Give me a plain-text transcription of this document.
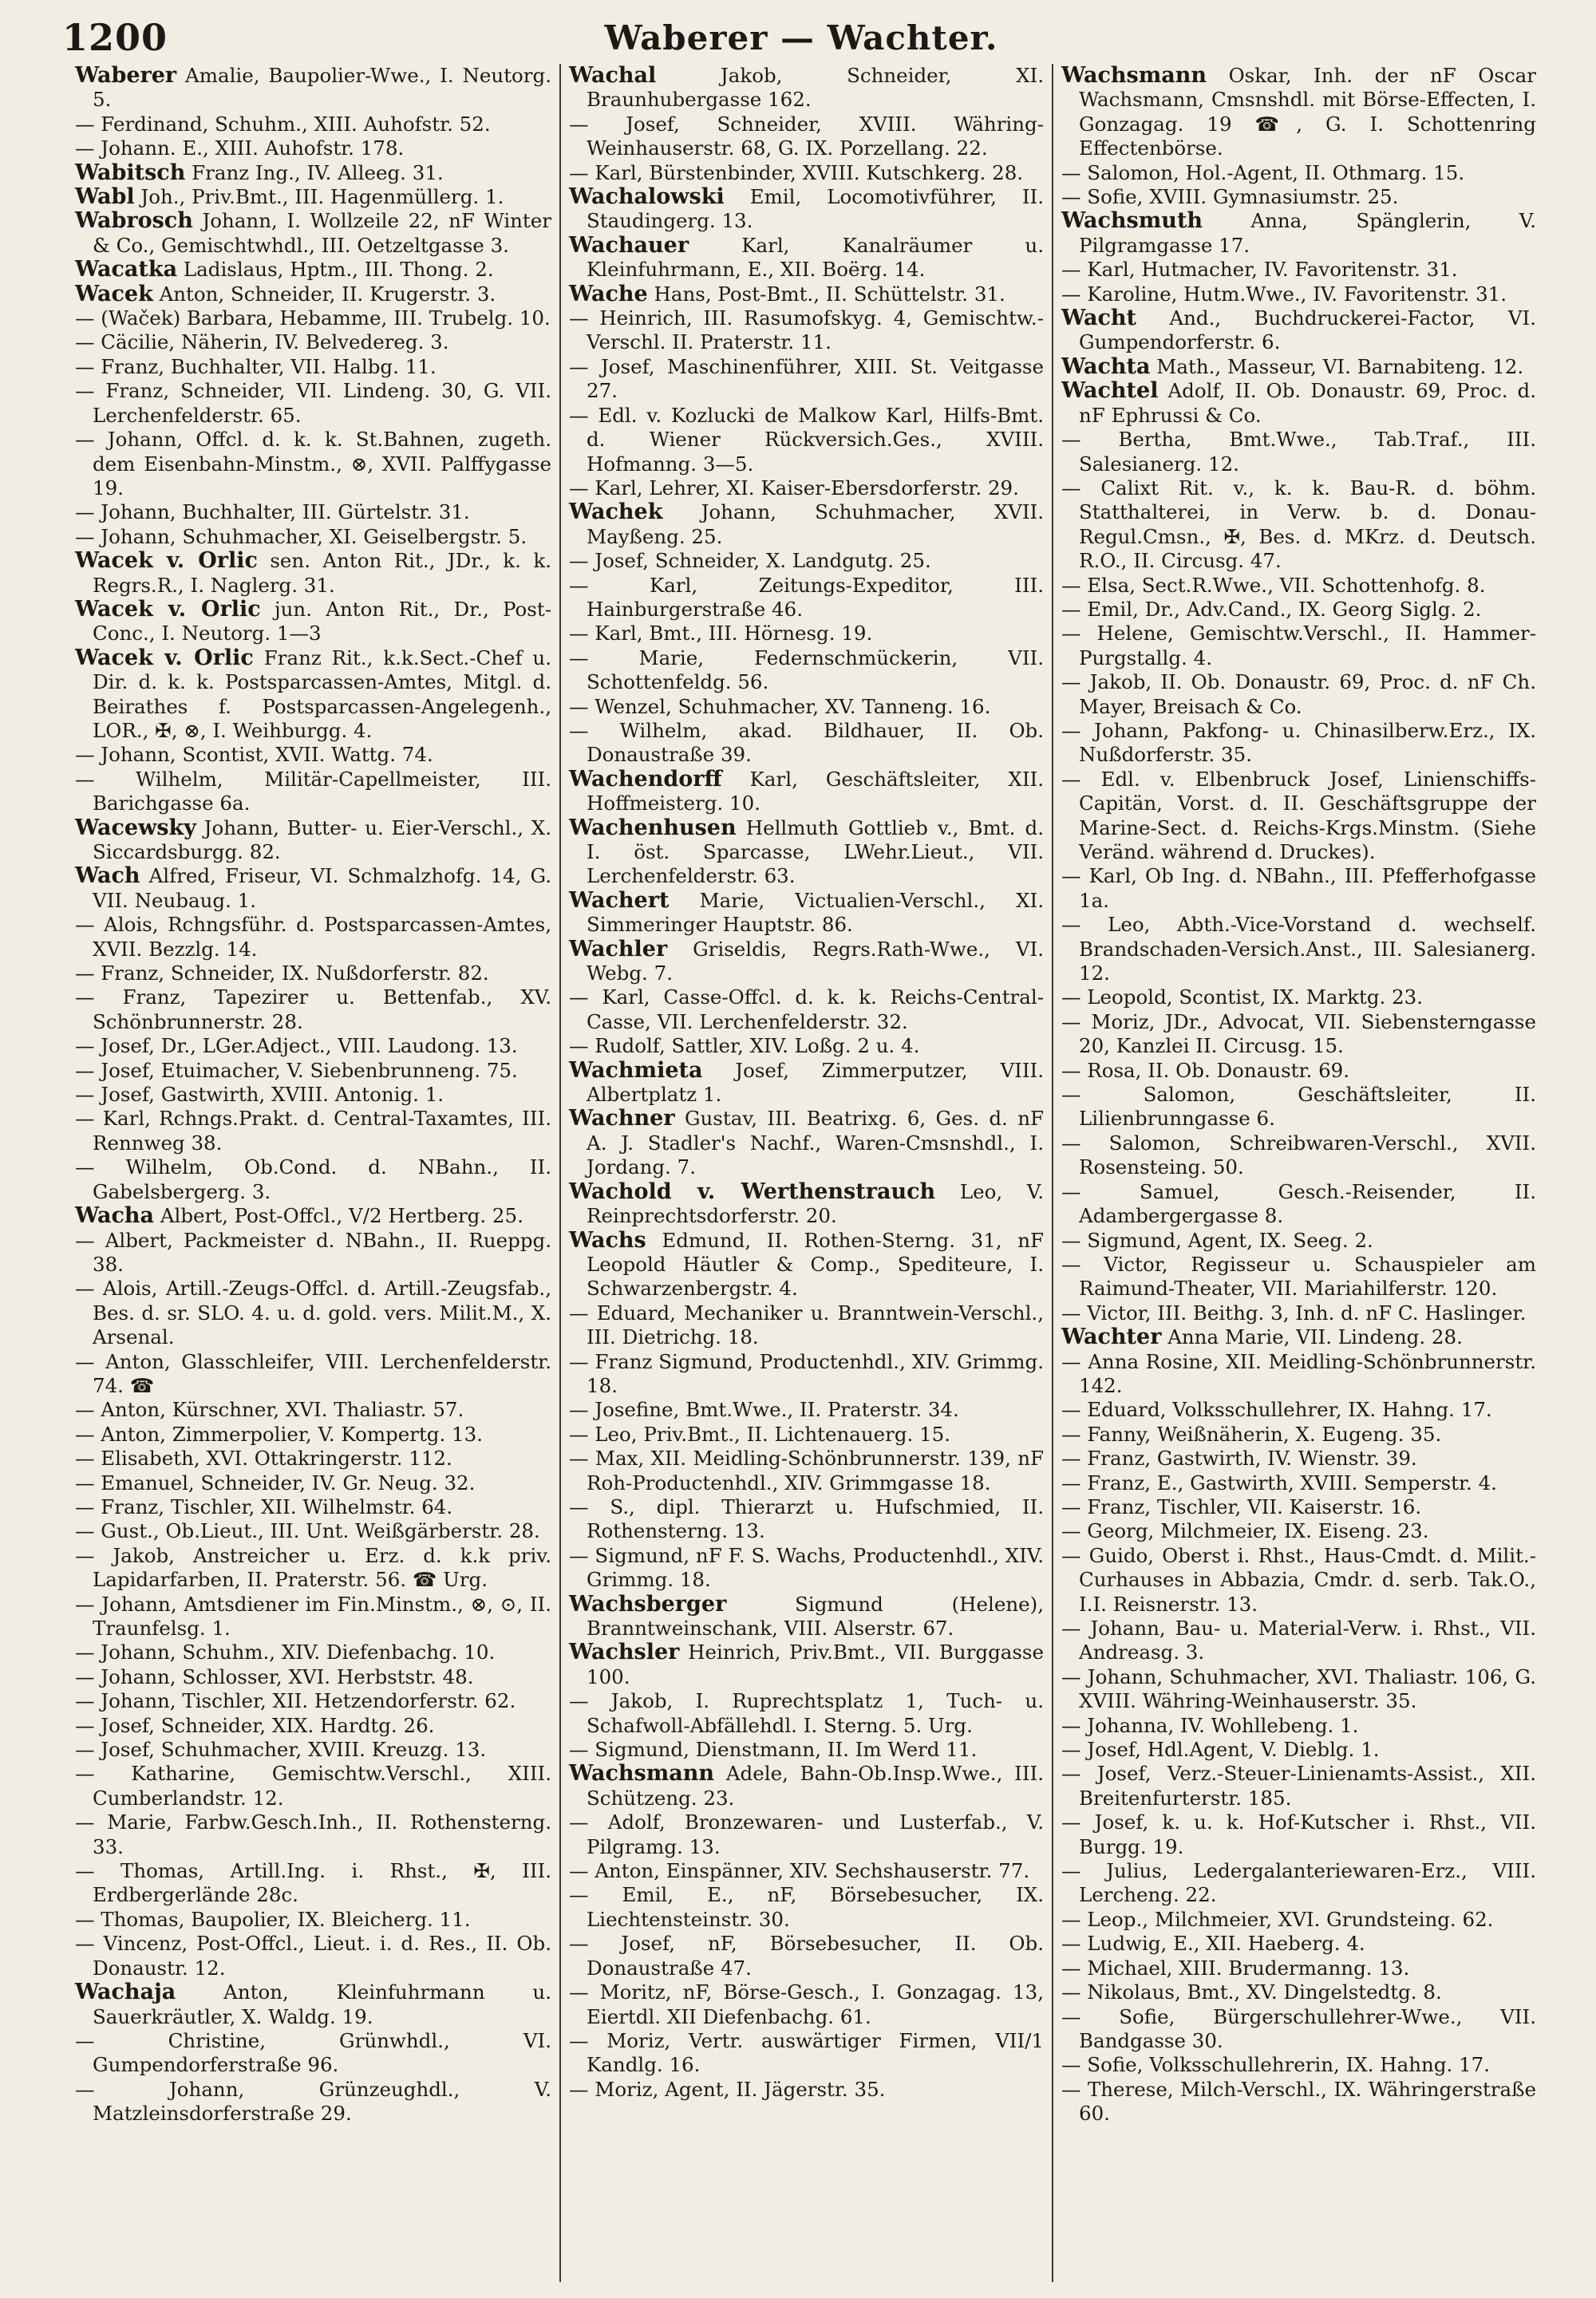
1200	Waberer — Wachter.
Waberer Amalie, Baupolier-Wwe., I. Neutorg. 5.
— Ferdinand, Schuhm., XIII. Auhofstr. 52.
— Johann. E., XIII. Auhofstr. 178.
Wabitsch Franz Ing., IV. Alleeg. 31.
Wabl Joh., Priv.Bmt., III. Hagenmüllerg. 1.
Wabrosch Johann, I. Wollzeile 22, nF Winter & Co., Gemischtwhdl., III. Oetzeltgasse 3.
Wacatka Ladislaus, Hptm., III. Thong. 2.
Wacek Anton, Schneider, II. Krugerstr. 3.
— (Waček) Barbara, Hebamme, III. Trubelg. 10.
— Cäcilie, Näherin, IV. Belvedereg. 3.
— Franz, Buchhalter, VII. Halbg. 11.
— Franz, Schneider, VII. Lindeng. 30, G. VII. Lerchenfelderstr. 65.
— Johann, Offcl. d. k. k. St.Bahnen, zugeth. dem Eisenbahn-Minstm., ⊗, XVII. Palffygasse 19.
— Johann, Buchhalter, III. Gürtelstr. 31.
— Johann, Schuhmacher, XI. Geiselbergstr. 5.
Wacek v. Orlic sen. Anton Rit., JDr., k. k. Regrs.R., I. Naglerg. 31.
Wacek v. Orlic jun. Anton Rit., Dr., Post-Conc., I. Neutorg. 1—3
Wacek v. Orlic Franz Rit., k.k.Sect.-Chef u. Dir. d. k. k. Postsparcassen-Amtes, Mitgl. d. Beirathes f. Postsparcassen-Angelegenh., LOR., ✠, ⊗, I. Weihburgg. 4.
— Johann, Scontist, XVII. Wattg. 74.
— Wilhelm, Militär-Capellmeister, III. Barichgasse 6a.
Wacewsky Johann, Butter- u. Eier-Verschl., X. Siccardsburgg. 82.
Wach Alfred, Friseur, VI. Schmalzhofg. 14, G. VII. Neubaug. 1.
— Alois, Rchngsführ. d. Postsparcassen-Amtes, XVII. Bezzlg. 14.
— Franz, Schneider, IX. Nußdorferstr. 82.
— Franz, Tapezirer u. Bettenfab., XV. Schönbrunnerstr. 28.
— Josef, Dr., LGer.Adject., VIII. Laudong. 13.
— Josef, Etuimacher, V. Siebenbrunneng. 75.
— Josef, Gastwirth, XVIII. Antonig. 1.
— Karl, Rchngs.Prakt. d. Central-Taxamtes, III. Rennweg 38.
— Wilhelm, Ob.Cond. d. NBahn., II. Gabelsbergerg. 3.
Wacha Albert, Post-Offcl., V/2 Hertberg. 25.
— Albert, Packmeister d. NBahn., II. Rueppg. 38.
— Alois, Artill.-Zeugs-Offcl. d. Artill.-Zeugsfab., Bes. d. sr. SLO. 4. u. d. gold. vers. Milit.M., X. Arsenal.
— Anton, Glasschleifer, VIII. Lerchenfelderstr. 74. ☎
— Anton, Kürschner, XVI. Thaliastr. 57.
— Anton, Zimmerpolier, V. Kompertg. 13.
— Elisabeth, XVI. Ottakringerstr. 112.
— Emanuel, Schneider, IV. Gr. Neug. 32.
— Franz, Tischler, XII. Wilhelmstr. 64.
— Gust., Ob.Lieut., III. Unt. Weißgärberstr. 28.
— Jakob, Anstreicher u. Erz. d. k.k priv. Lapidarfarben, II. Praterstr. 56. ☎ Urg.
— Johann, Amtsdiener im Fin.Minstm., ⊗, ⊙, II. Traunfelsg. 1.
— Johann, Schuhm., XIV. Diefenbachg. 10.
— Johann, Schlosser, XVI. Herbststr. 48.
— Johann, Tischler, XII. Hetzendorferstr. 62.
— Josef, Schneider, XIX. Hardtg. 26.
— Josef, Schuhmacher, XVIII. Kreuzg. 13.
— Katharine, Gemischtw.Verschl., XIII. Cumberlandstr. 12.
— Marie, Farbw.Gesch.Inh., II. Rothensterng. 33.
— Thomas, Artill.Ing. i. Rhst., ✠, III. Erdbergerlände 28c.
— Thomas, Baupolier, IX. Bleicherg. 11.
— Vincenz, Post-Offcl., Lieut. i. d. Res., II. Ob. Donaustr. 12.
Wachaja Anton, Kleinfuhrmann u. Sauerkräutler, X. Waldg. 19.
— Christine, Grünwhdl., VI. Gumpendorferstraße 96.
— Johann, Grünzeughdl., V. Matzleinsdorferstraße 29.
Wachal Jakob, Schneider, XI. Braunhubergasse 162.
— Josef, Schneider, XVIII. Währing-Weinhauserstr. 68, G. IX. Porzellang. 22.
— Karl, Bürstenbinder, XVIII. Kutschkerg. 28.
Wachalowski Emil, Locomotivführer, II. Staudingerg. 13.
Wachauer Karl, Kanalräumer u. Kleinfuhrmann, E., XII. Boërg. 14.
Wache Hans, Post-Bmt., II. Schüttelstr. 31.
— Heinrich, III. Rasumofskyg. 4, Gemischtw.-Verschl. II. Praterstr. 11.
— Josef, Maschinenführer, XIII. St. Veitgasse 27.
— Edl. v. Kozlucki de Malkow Karl, Hilfs-Bmt. d. Wiener Rückversich.Ges., XVIII. Hofmanng. 3—5.
— Karl, Lehrer, XI. Kaiser-Ebersdorferstr. 29.
Wachek Johann, Schuhmacher, XVII. Mayßeng. 25.
— Josef, Schneider, X. Landgutg. 25.
— Karl, Zeitungs-Expeditor, III. Hainburgerstraße 46.
— Karl, Bmt., III. Hörnesg. 19.
— Marie, Federnschmückerin, VII. Schottenfeldg. 56.
— Wenzel, Schuhmacher, XV. Tanneng. 16.
— Wilhelm, akad. Bildhauer, II. Ob. Donaustraße 39.
Wachendorff Karl, Geschäftsleiter, XII. Hoffmeisterg. 10.
Wachenhusen Hellmuth Gottlieb v., Bmt. d. I. öst. Sparcasse, LWehr.Lieut., VII. Lerchenfelderstr. 63.
Wachert Marie, Victualien-Verschl., XI. Simmeringer Hauptstr. 86.
Wachler Griseldis, Regrs.Rath-Wwe., VI. Webg. 7.
— Karl, Casse-Offcl. d. k. k. Reichs-Central-Casse, VII. Lerchenfelderstr. 32.
— Rudolf, Sattler, XIV. Loßg. 2 u. 4.
Wachmieta Josef, Zimmerputzer, VIII. Albertplatz 1.
Wachner Gustav, III. Beatrixg. 6, Ges. d. nF A. J. Stadler's Nachf., Waren-Cmsnshdl., I. Jordang. 7.
Wachold v. Werthenstrauch Leo, V. Reinprechtsdorferstr. 20.
Wachs Edmund, II. Rothen-Sterng. 31, nF Leopold Häutler & Comp., Spediteure, I. Schwarzenbergstr. 4.
— Eduard, Mechaniker u. Branntwein-Verschl., III. Dietrichg. 18.
— Franz Sigmund, Productenhdl., XIV. Grimmg. 18.
— Josefine, Bmt.Wwe., II. Praterstr. 34.
— Leo, Priv.Bmt., II. Lichtenauerg. 15.
— Max, XII. Meidling-Schönbrunnerstr. 139, nF Roh-Productenhdl., XIV. Grimmgasse 18.
— S., dipl. Thierarzt u. Hufschmied, II. Rothensterng. 13.
— Sigmund, nF F. S. Wachs, Productenhdl., XIV. Grimmg. 18.
Wachsberger Sigmund (Helene), Branntweinschank, VIII. Alserstr. 67.
Wachsler Heinrich, Priv.Bmt., VII. Burggasse 100.
— Jakob, I. Ruprechtsplatz 1, Tuch- u. Schafwoll-Abfällehdl. I. Sterng. 5. Urg.
— Sigmund, Dienstmann, II. Im Werd 11.
Wachsmann Adele, Bahn-Ob.Insp.Wwe., III. Schützeng. 23.
— Adolf, Bronzewaren- und Lusterfab., V. Pilgramg. 13.
— Anton, Einspänner, XIV. Sechshauserstr. 77.
— Emil, E., nF, Börsebesucher, IX. Liechtensteinstr. 30.
— Josef, nF, Börsebesucher, II. Ob. Donaustraße 47.
— Moritz, nF, Börse-Gesch., I. Gonzagag. 13, Eiertdl. XII Diefenbachg. 61.
— Moriz, Vertr. auswärtiger Firmen, VII/1 Kandlg. 16.
— Moriz, Agent, II. Jägerstr. 35.
Wachsmann Oskar, Inh. der nF Oscar Wachsmann, Cmsnshdl. mit Börse-Effecten, I. Gonzagag. 19 ☎, G. I. Schottenring Effectenbörse.
— Salomon, Hol.-Agent, II. Othmarg. 15.
— Sofie, XVIII. Gymnasiumstr. 25.
Wachsmuth Anna, Spänglerin, V. Pilgramgasse 17.
— Karl, Hutmacher, IV. Favoritenstr. 31.
— Karoline, Hutm.Wwe., IV. Favoritenstr. 31.
Wacht And., Buchdruckerei-Factor, VI. Gumpendorferstr. 6.
Wachta Math., Masseur, VI. Barnabiteng. 12.
Wachtel Adolf, II. Ob. Donaustr. 69, Proc. d. nF Ephrussi & Co.
— Bertha, Bmt.Wwe., Tab.Traf., III. Salesianerg. 12.
— Calixt Rit. v., k. k. Bau-R. d. böhm. Statthalterei, in Verw. b. d. Donau-Regul.Cmsn., ✠, Bes. d. MKrz. d. Deutsch. R.O., II. Circusg. 47.
— Elsa, Sect.R.Wwe., VII. Schottenhofg. 8.
— Emil, Dr., Adv.Cand., IX. Georg Siglg. 2.
— Helene, Gemischtw.Verschl., II. Hammer-Purgstallg. 4.
— Jakob, II. Ob. Donaustr. 69, Proc. d. nF Ch. Mayer, Breisach & Co.
— Johann, Pakfong- u. Chinasilberw.Erz., IX. Nußdorferstr. 35.
— Edl. v. Elbenbruck Josef, Linienschiffs-Capitän, Vorst. d. II. Geschäftsgruppe der Marine-Sect. d. Reichs-Krgs.Minstm. (Siehe Veränd. während d. Druckes).
— Karl, Ob Ing. d. NBahn., III. Pfefferhofgasse 1a.
— Leo, Abth.-Vice-Vorstand d. wechself. Brandschaden-Versich.Anst., III. Salesianerg. 12.
— Leopold, Scontist, IX. Marktg. 23.
— Moriz, JDr., Advocat, VII. Siebensterngasse 20, Kanzlei II. Circusg. 15.
— Rosa, II. Ob. Donaustr. 69.
— Salomon, Geschäftsleiter, II. Lilienbrunngasse 6.
— Salomon, Schreibwaren-Verschl., XVII. Rosensteing. 50.
— Samuel, Gesch.-Reisender, II. Adambergergasse 8.
— Sigmund, Agent, IX. Seeg. 2.
— Victor, Regisseur u. Schauspieler am Raimund-Theater, VII. Mariahilferstr. 120.
— Victor, III. Beithg. 3, Inh. d. nF C. Haslinger.
Wachter Anna Marie, VII. Lindeng. 28.
— Anna Rosine, XII. Meidling-Schönbrunnerstr. 142.
— Eduard, Volksschullehrer, IX. Hahng. 17.
— Fanny, Weißnäherin, X. Eugeng. 35.
— Franz, Gastwirth, IV. Wienstr. 39.
— Franz, E., Gastwirth, XVIII. Semperstr. 4.
— Franz, Tischler, VII. Kaiserstr. 16.
— Georg, Milchmeier, IX. Eiseng. 23.
— Guido, Oberst i. Rhst., Haus-Cmdt. d. Milit.-Curhauses in Abbazia, Cmdr. d. serb. Tak.O., I.I. Reisnerstr. 13.
— Johann, Bau- u. Material-Verw. i. Rhst., VII. Andreasg. 3.
— Johann, Schuhmacher, XVI. Thaliastr. 106, G. XVIII. Währing-Weinhauserstr. 35.
— Johanna, IV. Wohllebeng. 1.
— Josef, Hdl.Agent, V. Dieblg. 1.
— Josef, Verz.-Steuer-Linienamts-Assist., XII. Breitenfurterstr. 185.
— Josef, k. u. k. Hof-Kutscher i. Rhst., VII. Burgg. 19.
— Julius, Ledergalanteriewaren-Erz., VIII. Lercheng. 22.
— Leop., Milchmeier, XVI. Grundsteing. 62.
— Ludwig, E., XII. Haeberg. 4.
— Michael, XIII. Brudermanng. 13.
— Nikolaus, Bmt., XV. Dingelstedtg. 8.
— Sofie, Bürgerschullehrer-Wwe., VII. Bandgasse 30.
— Sofie, Volksschullehrerin, IX. Hahng. 17.
— Therese, Milch-Verschl., IX. Währingerstraße 60.
